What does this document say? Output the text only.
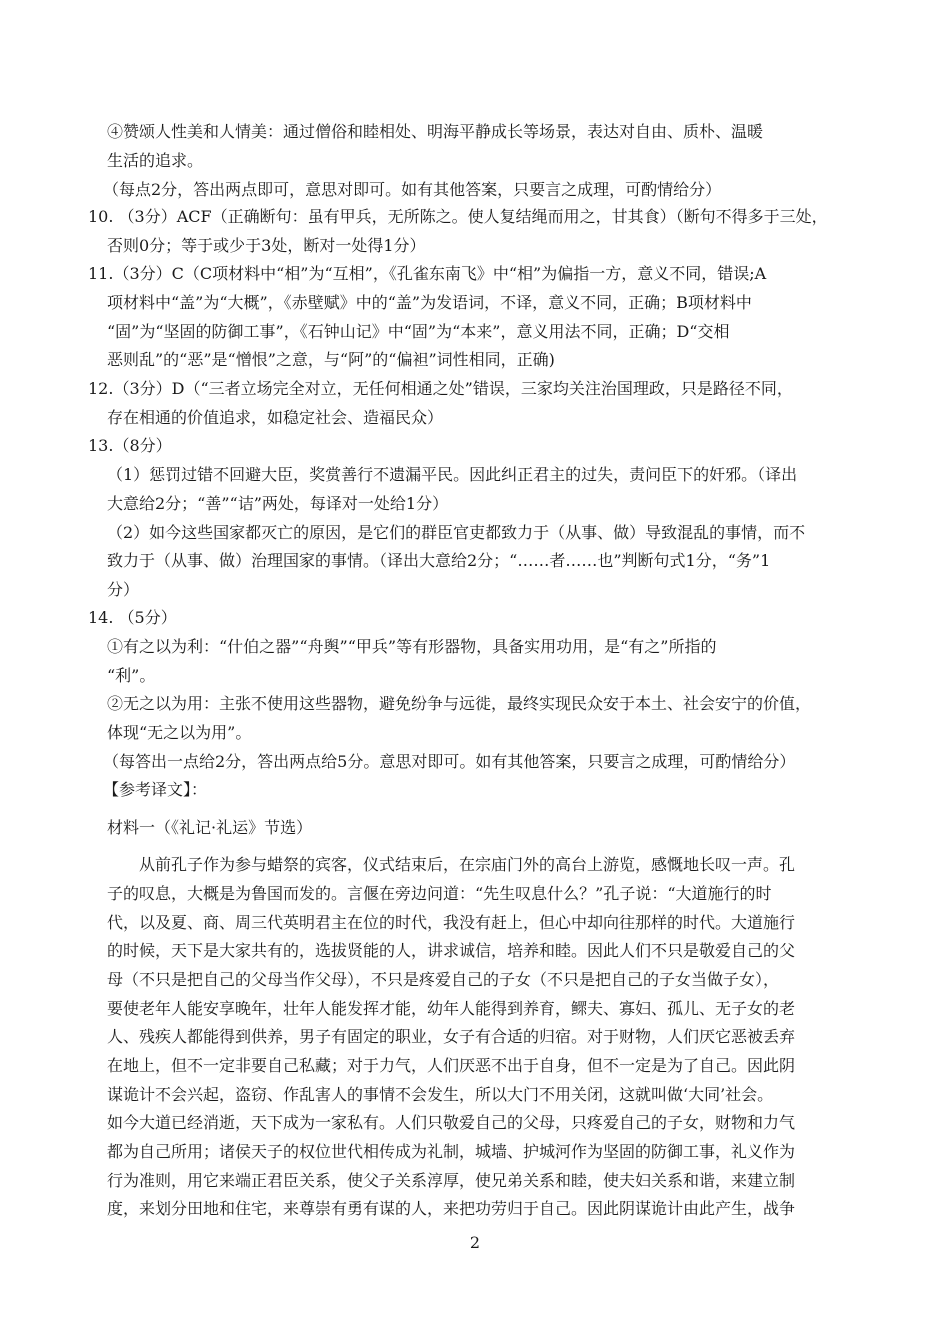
④赞颂人性美和人情美：通过僧俗和睦相处、明海平静成长等场景，表达对自由、质朴、温暖
生活的追求。
（每点2分，答出两点即可，意思对即可。如有其他答案，只要言之成理，可酌情给分）
10. （3分）ACF（正确断句：虽有甲兵，无所陈之。使人复结绳而用之，甘其食）（断句不得多于三处，
否则0分；等于或少于3处，断对一处得1分）
11.（3分）C（C项材料中“相”为“互相”，《孔雀东南飞》中“相”为偏指一方，意义不同，错误;A
项材料中“盖”为“大概”，《赤壁赋》中的“盖”为发语词，不译，意义不同，正确；B项材料中
“固”为“坚固的防御工事”，《石钟山记》中“固”为“本来”，意义用法不同，正确；D“交相
恶则乱”的“恶”是“憎恨”之意，与“阿”的“偏袒”词性相同，正确)
12.（3分）D（“三者立场完全对立，无任何相通之处”错误，三家均关注治国理政，只是路径不同，
存在相通的价值追求，如稳定社会、造福民众）
13.（8分）
（1）惩罚过错不回避大臣，奖赏善行不遗漏平民。因此纠正君主的过失，责问臣下的奸邪。（译出
大意给2分；“善”“诘”两处，每译对一处给1分）
（2）如今这些国家都灭亡的原因，是它们的群臣官吏都致力于（从事、做）导致混乱的事情，而不
致力于（从事、做）治理国家的事情。（译出大意给2分；“……者……也”判断句式1分，“务”1
分）
14. （5分）
①有之以为利：“什伯之器”“舟舆”“甲兵”等有形器物，具备实用功用，是“有之”所指的
“利”。
②无之以为用：主张不使用这些器物，避免纷争与远徙，最终实现民众安于本土、社会安宁的价值，
体现“无之以为用”。
（每答出一点给2分，答出两点给5分。意思对即可。如有其他答案，只要言之成理，可酌情给分）
【参考译文】：
材料一（《礼记·礼运》节选）
从前孔子作为参与蜡祭的宾客，仪式结束后，在宗庙门外的高台上游览，感慨地长叹一声。孔
子的叹息，大概是为鲁国而发的。言偃在旁边问道：“先生叹息什么？”孔子说：“大道施行的时
代，以及夏、商、周三代英明君主在位的时代，我没有赶上，但心中却向往那样的时代。大道施行
的时候，天下是大家共有的，选拔贤能的人，讲求诚信，培养和睦。因此人们不只是敬爱自己的父
母（不只是把自己的父母当作父母），不只是疼爱自己的子女（不只是把自己的子女当做子女），
要使老年人能安享晚年，壮年人能发挥才能，幼年人能得到养育，鳏夫、寡妇、孤儿、无子女的老
人、残疾人都能得到供养，男子有固定的职业，女子有合适的归宿。对于财物，人们厌它恶被丢弃
在地上，但不一定非要自己私藏；对于力气，人们厌恶不出于自身，但不一定是为了自己。因此阴
谋诡计不会兴起，盗窃、作乱害人的事情不会发生，所以大门不用关闭，这就叫做‘大同’社会。
如今大道已经消逝，天下成为一家私有。人们只敬爱自己的父母，只疼爱自己的子女，财物和力气
都为自己所用；诸侯天子的权位世代相传成为礼制，城墙、护城河作为坚固的防御工事，礼义作为
行为准则，用它来端正君臣关系，使父子关系淳厚，使兄弟关系和睦，使夫妇关系和谐，来建立制
度，来划分田地和住宅，来尊崇有勇有谋的人，来把功劳归于自己。因此阴谋诡计由此产生，战争
2
